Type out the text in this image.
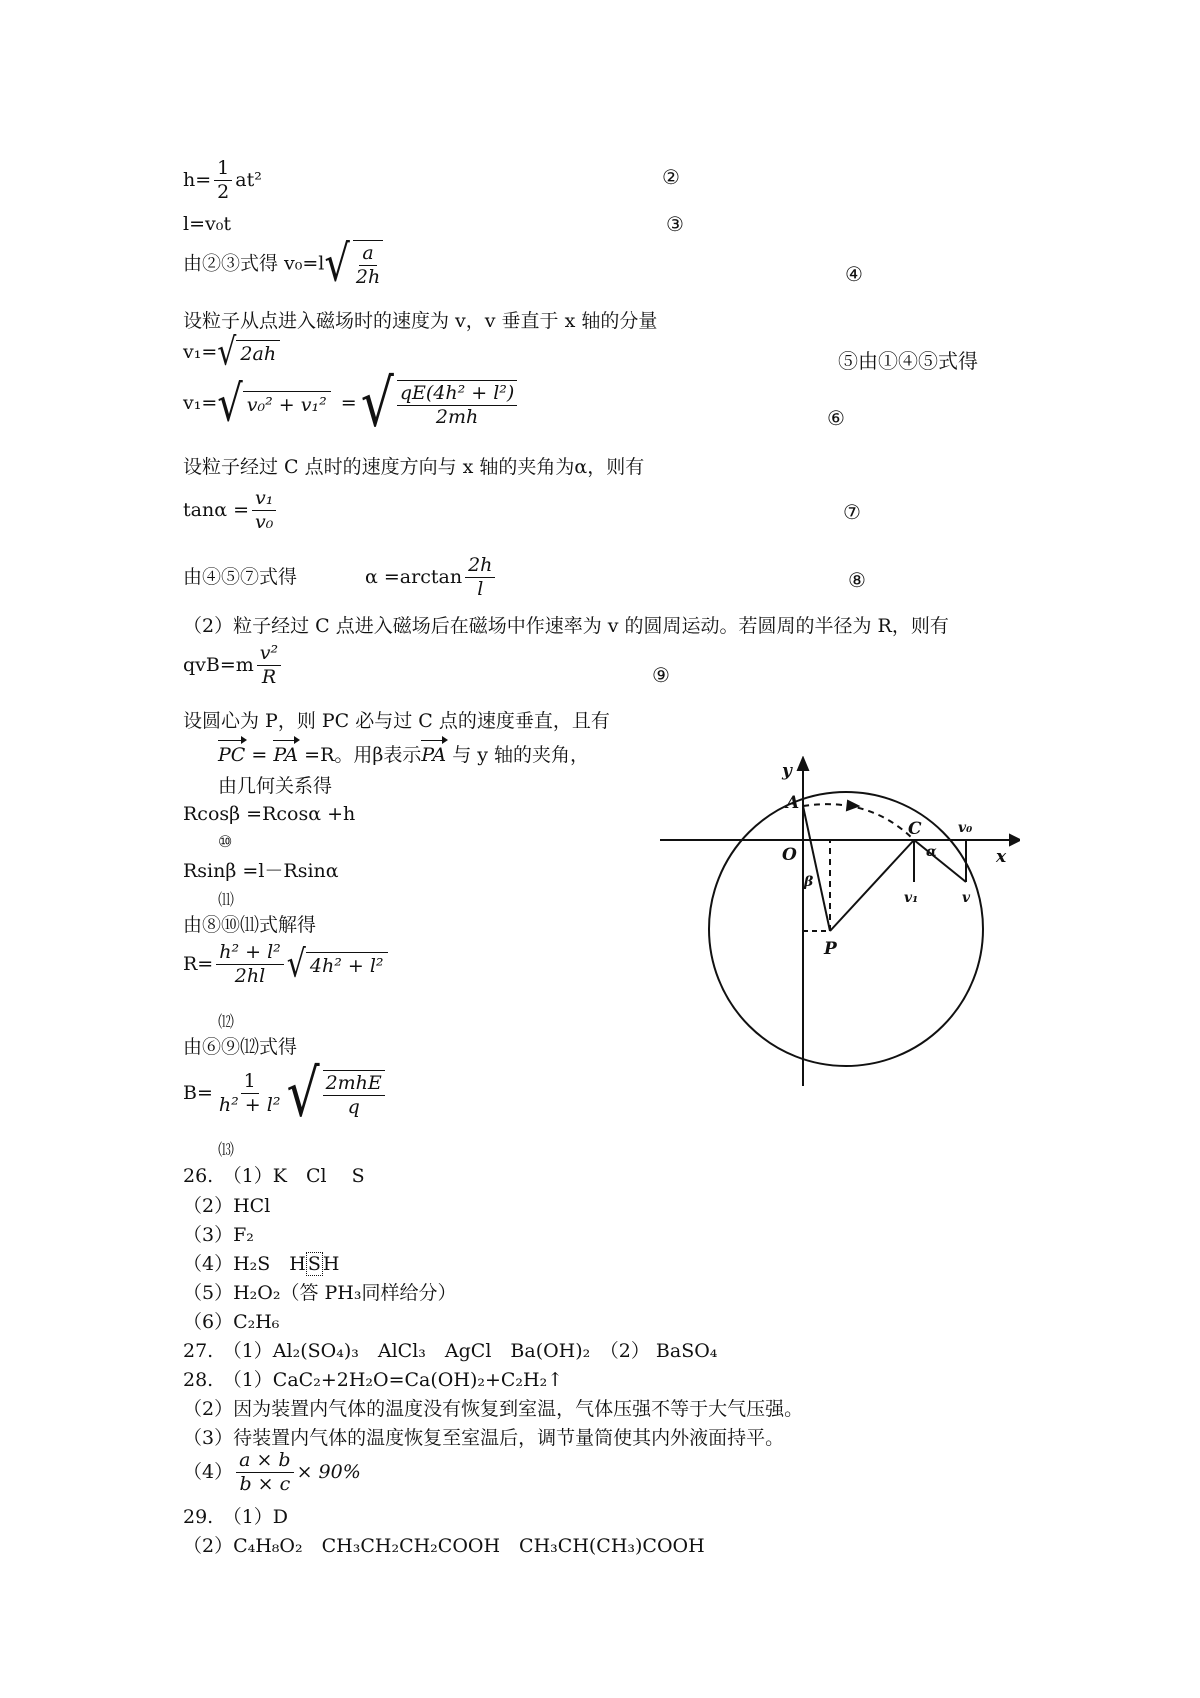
$h= \frac{1}{2} at^2$	②
l=v₀t	③
由②③式得 v₀=l √ $\frac{a}{2h}$	④
设粒子从点进入磁场时的速度为 v，v 垂直于 x 轴的分量
v₁= √ 2ah	⑤由①④⑤式得
v₁= √ v₀² + v₁² = √ $\frac{\text{qE(4h² + l²)}}{2mh}$	⑥
设粒子经过 C 点时的速度方向与 x 轴的夹角为α，则有
$\tan\alpha = \frac{\text{v₁}}{\text{v₀}}$	⑦
由④⑤⑦式得	$\alpha =\arctan \frac{2h}{l}$	⑧
（2）粒子经过 C 点进入磁场后在磁场中作速率为 v 的圆周运动。若圆周的半径为 R，则有
$qvB=m \frac{\text{v²}}{R}$	⑨
设圆心为 P，则 PC 必与过 C 点的速度垂直，且有
PC = PA =R。用β表示PA 与 y 轴的夹角，
由几何关系得
Rcosβ =Rcosα +h
⑩
Rsinβ =l－Rsinα
⑾
由⑧⑩⑾式解得
$R= \frac{\text{h² + l²}}{2hl}$ √ 4h² + l²
⑿
由⑥⑨⑿式得
$B= \frac{1}{\text{h² + l²}}$ √ $\frac{\text{2mhE}}{q}$
⒀
26.　（1）K　Cl　 S
（2）HCl
（3）F₂
（4）H₂S　H S H
（5）H₂O₂（答 PH₃同样给分）
（6）C₂H₆
27.　（1）Al₂(SO₄)₃　AlCl₃　AgCl　Ba(OH)₂　（2） BaSO₄
28.　（1）CaC₂+2H₂O=Ca(OH)₂+C₂H₂↑
（2）因为装置内气体的温度没有恢复到室温，气体压强不等于大气压强。
（3）待装置内气体的温度恢复至室温后，调节量筒使其内外液面持平。
$(4) \frac{a \times b}{b \times c} \times 90\%$
29.　（1）D
（2）C₄H₈O₂　CH₃CH₂CH₂COOH　CH₃CH(CH₃)COOH
y
x
A
O
C
P
β
α
v₀
v₁	v
